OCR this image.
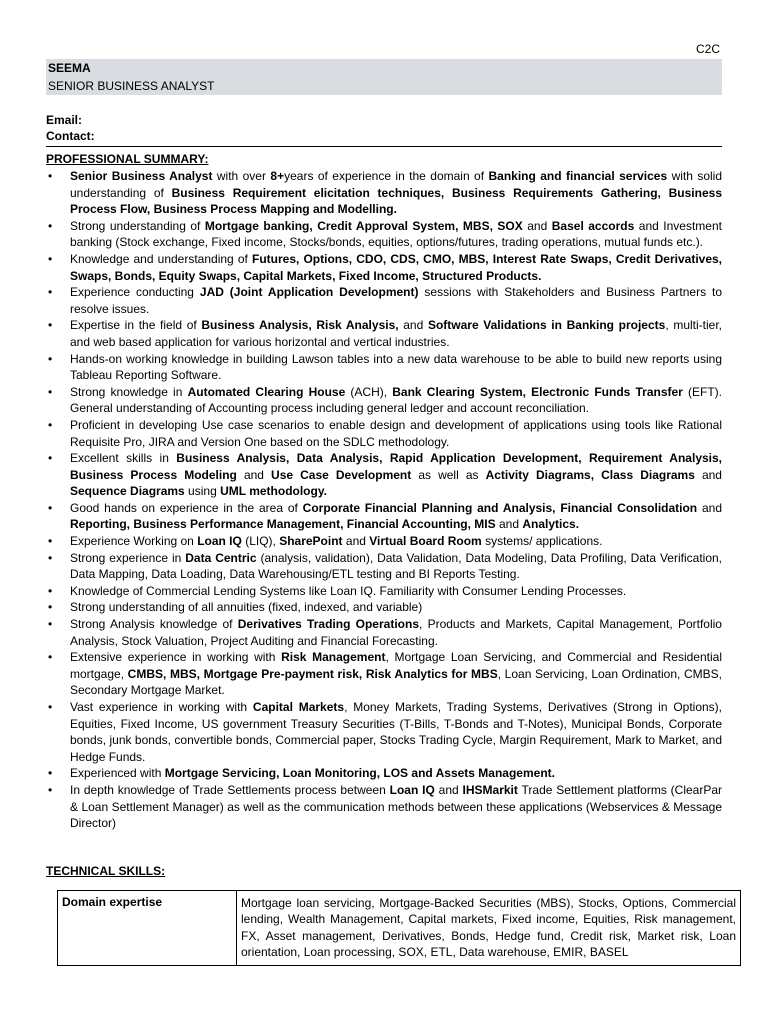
C2C
SEEMA
SENIOR BUSINESS ANALYST
Email:
Contact:
PROFESSIONAL SUMMARY:
• Senior Business Analyst with over 8+years of experience in the domain of Banking and financial services with solid understanding of Business Requirement elicitation techniques, Business Requirements Gathering, Business Process Flow, Business Process Mapping and Modelling.
• Strong understanding of Mortgage banking, Credit Approval System, MBS, SOX and Basel accords and Investment banking (Stock exchange, Fixed income, Stocks/bonds, equities, options/futures, trading operations, mutual funds etc.).
• Knowledge and understanding of Futures, Options, CDO, CDS, CMO, MBS, Interest Rate Swaps, Credit Derivatives, Swaps, Bonds, Equity Swaps, Capital Markets, Fixed Income, Structured Products.
• Experience conducting JAD (Joint Application Development) sessions with Stakeholders and Business Partners to resolve issues.
• Expertise in the field of Business Analysis, Risk Analysis, and Software Validations in Banking projects, multi-tier, and web based application for various horizontal and vertical industries.
• Hands-on working knowledge in building Lawson tables into a new data warehouse to be able to build new reports using Tableau Reporting Software.
• Strong knowledge in Automated Clearing House (ACH), Bank Clearing System, Electronic Funds Transfer (EFT). General understanding of Accounting process including general ledger and account reconciliation.
• Proficient in developing Use case scenarios to enable design and development of applications using tools like Rational Requisite Pro, JIRA and Version One based on the SDLC methodology.
• Excellent skills in Business Analysis, Data Analysis, Rapid Application Development, Requirement Analysis, Business Process Modeling and Use Case Development as well as Activity Diagrams, Class Diagrams and Sequence Diagrams using UML methodology.
• Good hands on experience in the area of Corporate Financial Planning and Analysis, Financial Consolidation and Reporting, Business Performance Management, Financial Accounting, MIS and Analytics.
• Experience Working on Loan IQ (LIQ), SharePoint and Virtual Board Room systems/ applications.
• Strong experience in Data Centric (analysis, validation), Data Validation, Data Modeling, Data Profiling, Data Verification, Data Mapping, Data Loading, Data Warehousing/ETL testing and BI Reports Testing.
• Knowledge of Commercial Lending Systems like Loan IQ. Familiarity with Consumer Lending Processes.
• Strong understanding of all annuities (fixed, indexed, and variable)
• Strong Analysis knowledge of Derivatives Trading Operations, Products and Markets, Capital Management, Portfolio Analysis, Stock Valuation, Project Auditing and Financial Forecasting.
• Extensive experience in working with Risk Management, Mortgage Loan Servicing, and Commercial and Residential mortgage, CMBS, MBS, Mortgage Pre-payment risk, Risk Analytics for MBS, Loan Servicing, Loan Ordination, CMBS, Secondary Mortgage Market.
• Vast experience in working with Capital Markets, Money Markets, Trading Systems, Derivatives (Strong in Options), Equities, Fixed Income, US government Treasury Securities (T-Bills, T-Bonds and T-Notes), Municipal Bonds, Corporate bonds, junk bonds, convertible bonds, Commercial paper, Stocks Trading Cycle, Margin Requirement, Mark to Market, and Hedge Funds.
• Experienced with Mortgage Servicing, Loan Monitoring, LOS and Assets Management.
• In depth knowledge of Trade Settlements process between Loan IQ and IHSMarkit Trade Settlement platforms (ClearPar & Loan Settlement Manager) as well as the communication methods between these applications (Webservices & Message Director)
TECHNICAL SKILLS:
Domain expertise	Mortgage loan servicing, Mortgage-Backed Securities (MBS), Stocks, Options, Commercial lending, Wealth Management, Capital markets, Fixed income, Equities, Risk management, FX, Asset management, Derivatives, Bonds, Hedge fund, Credit risk, Market risk, Loan orientation, Loan processing, SOX, ETL, Data warehouse, EMIR, BASEL
